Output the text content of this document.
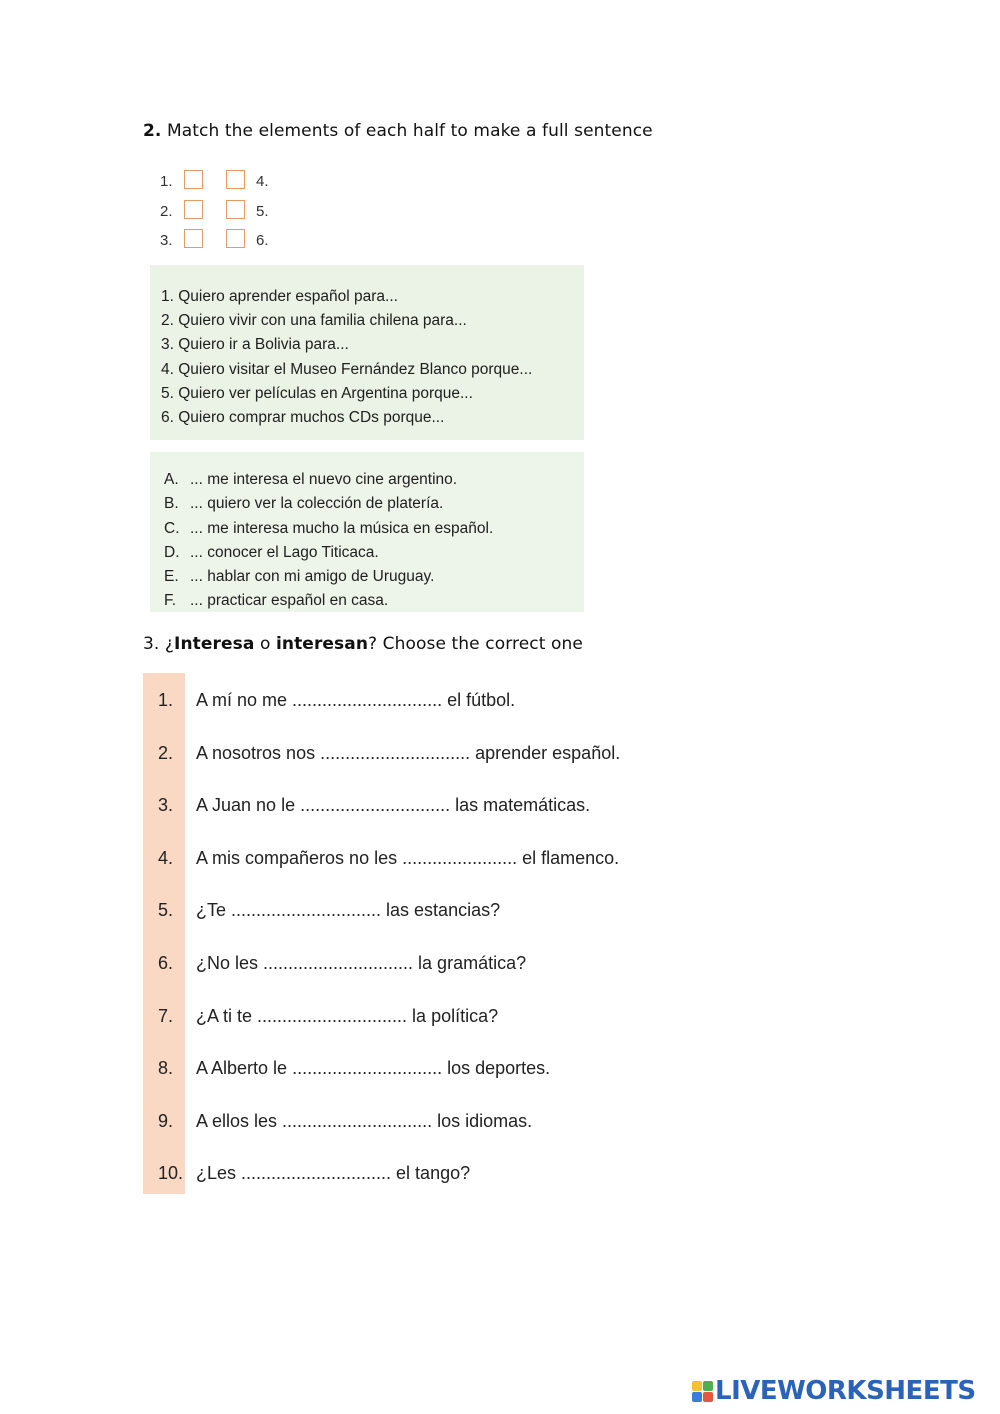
2. Match the elements of each half to make a full sentence
1.	4.
2.	5.
3.	6.
1. Quiero aprender español para...
2. Quiero vivir con una familia chilena para...
3. Quiero ir a Bolivia para...
4. Quiero visitar el Museo Fernández Blanco porque...
5. Quiero ver películas en Argentina porque...
6. Quiero comprar muchos CDs porque...
A. ... me interesa el nuevo cine argentino.
B. ... quiero ver la colección de platería.
C. ... me interesa mucho la música en español.
D. ... conocer el Lago Titicaca.
E. ... hablar con mi amigo de Uruguay.
F. ... practicar español en casa.
3. ¿Interesa o interesan? Choose the correct one
1.	A mí no me .............................. el fútbol.
2.	A nosotros nos .............................. aprender español.
3.	A Juan no le .............................. las matemáticas.
4.	A mis compañeros no les ....................... el flamenco.
5.	¿Te .............................. las estancias?
6.	¿No les .............................. la gramática?
7.	¿A ti te .............................. la política?
8.	A Alberto le .............................. los deportes.
9.	A ellos les .............................. los idiomas.
10. ¿Les .............................. el tango?
LIVEWORKSHEETS
